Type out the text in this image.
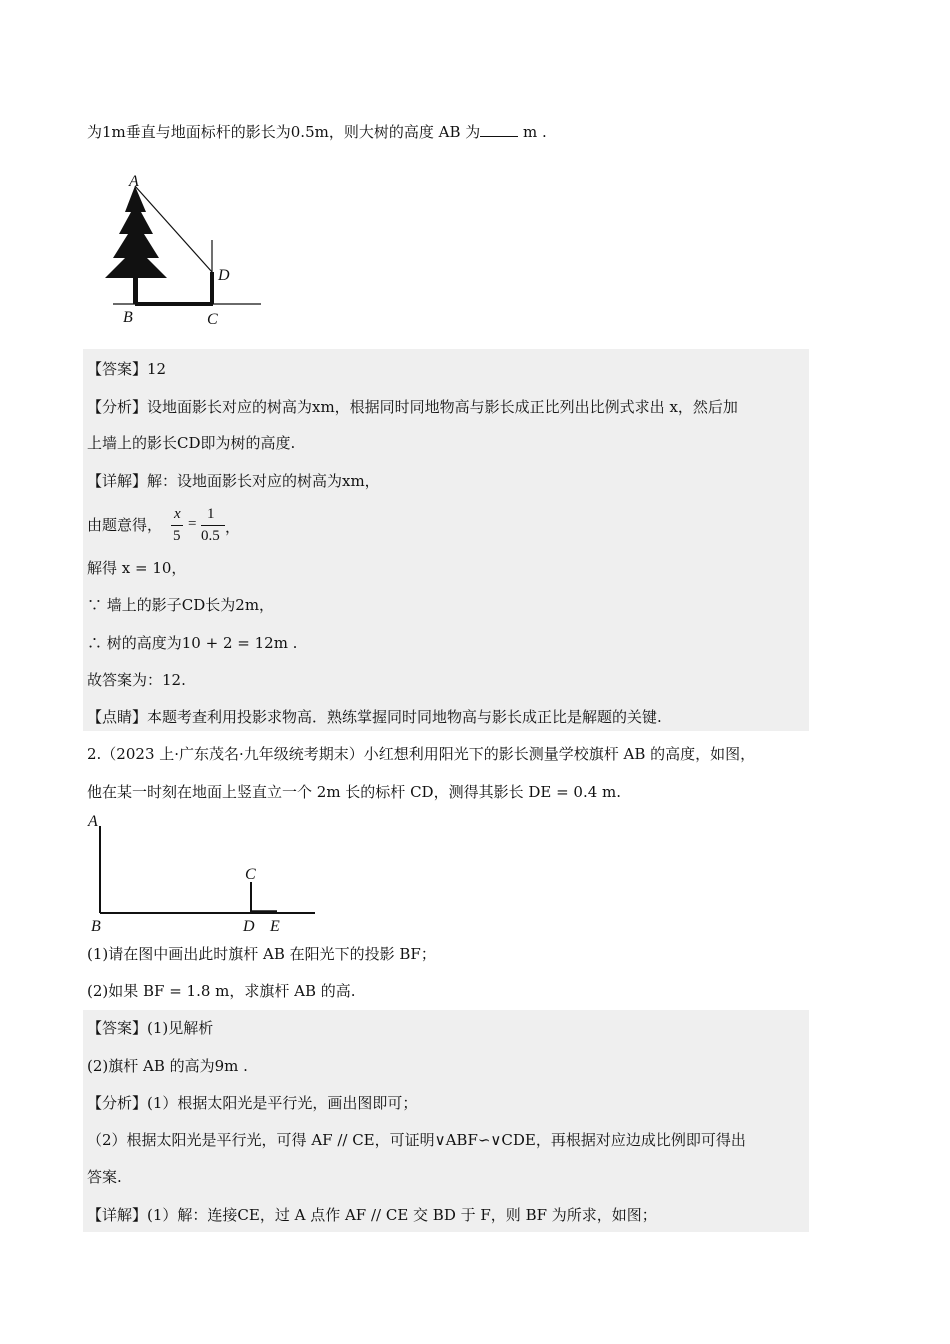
为1m垂直与地面标杆的影长为0.5m，则大树的高度 AB 为	m .
A
D
B	C
【答案】12
【分析】设地面影长对应的树高为xm，根据同时同地物高与影长成正比列出比例式求出 x，然后加
上墙上的影长CD即为树的高度.
【详解】解：设地面影长对应的树高为xm，
由题意得，
x
5
=
1
0.5 ，
解得 x = 10，
∵ 墙上的影子CD长为2m，
∴ 树的高度为10 + 2 = 12m .
故答案为：12.
【点睛】本题考查利用投影求物高．熟练掌握同时同地物高与影长成正比是解题的关键.
2.（2023 上·广东茂名·九年级统考期末）小红想利用阳光下的影长测量学校旗杆 AB 的高度，如图，
他在某一时刻在地面上竖直立一个 2m 长的标杆 CD，测得其影长 DE = 0.4 m.
A
C
B	D E
(1)请在图中画出此时旗杆 AB 在阳光下的投影 BF；
(2)如果 BF = 1.8 m，求旗杆 AB 的高.
【答案】(1)见解析
(2)旗杆 AB 的高为9m .
【分析】(1）根据太阳光是平行光，画出图即可；
（2）根据太阳光是平行光，可得 AF // CE，可证明∨ABF∽∨CDE，再根据对应边成比例即可得出
答案.
【详解】(1）解：连接CE，过 A 点作 AF // CE 交 BD 于 F，则 BF 为所求，如图；
